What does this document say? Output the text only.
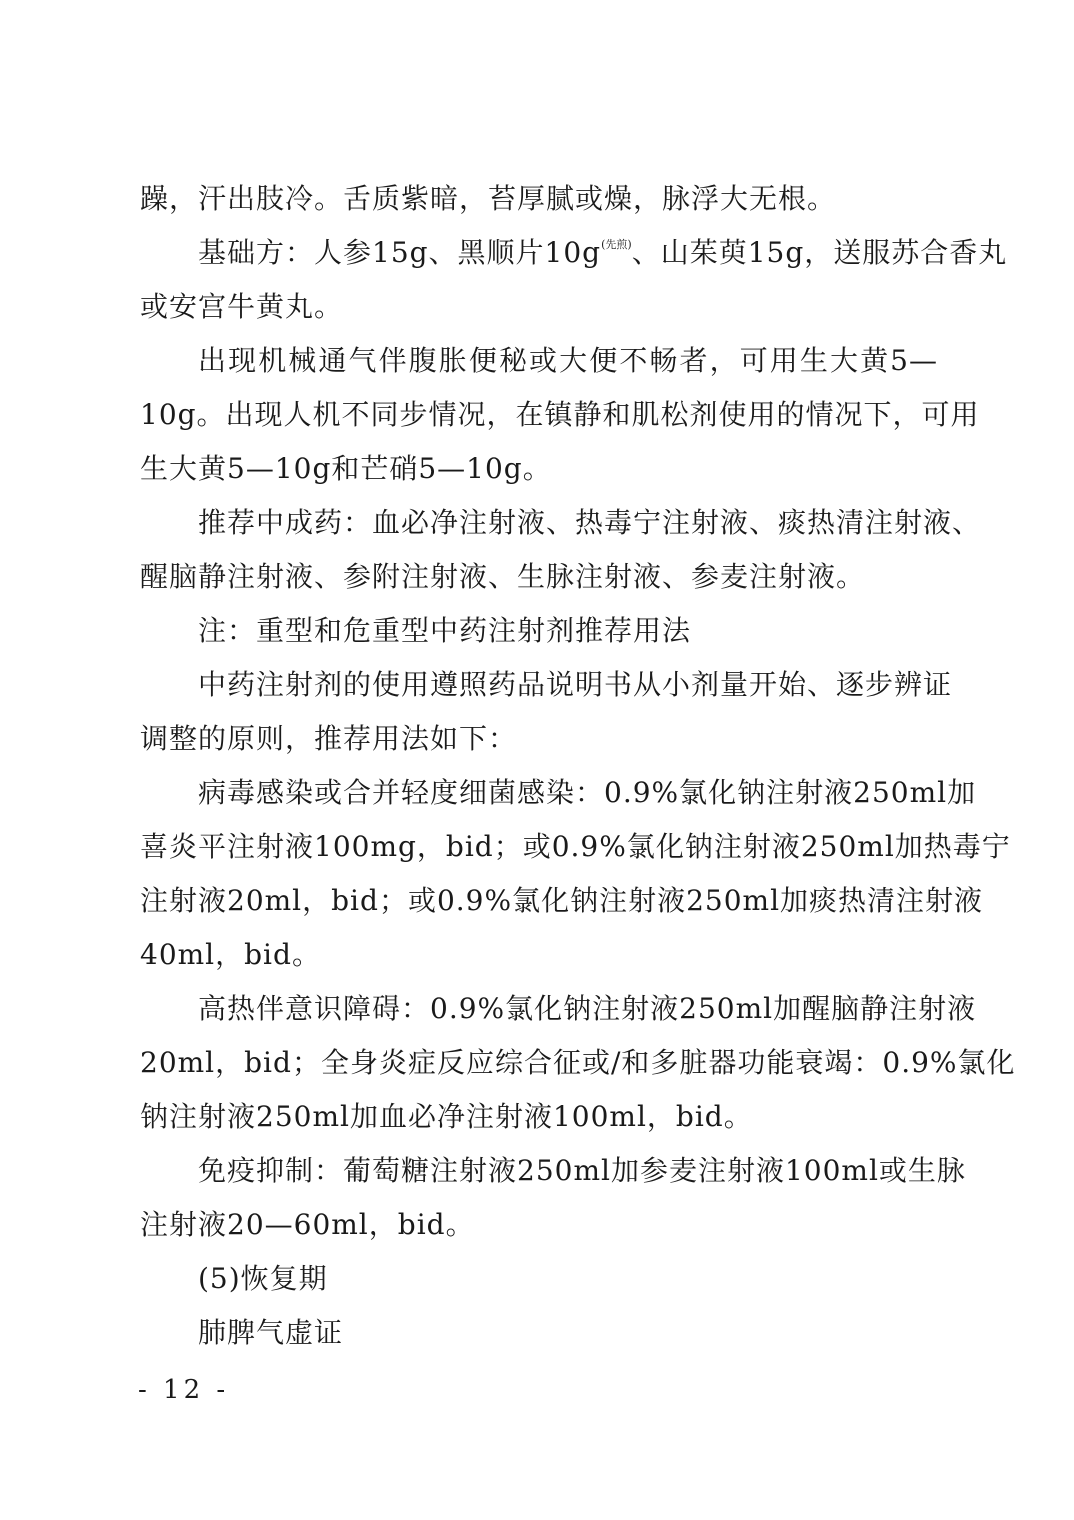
躁，汗出肢冷。舌质紫暗，苔厚腻或燥，脉浮大无根。
基础方：人参15g、黑顺片10g$^{(先煎)}$、山茱萸15g，送服苏合香丸
或安宫牛黄丸。
出现机械通气伴腹胀便秘或大便不畅者，可用生大黄5—
10g。出现人机不同步情况，在镇静和肌松剂使用的情况下，可用
生大黄5—10g和芒硝5—10g。
推荐中成药：血必净注射液、热毒宁注射液、痰热清注射液、
醒脑静注射液、参附注射液、生脉注射液、参麦注射液。
注：重型和危重型中药注射剂推荐用法
中药注射剂的使用遵照药品说明书从小剂量开始、逐步辨证
调整的原则，推荐用法如下：
病毒感染或合并轻度细菌感染：0.9%氯化钠注射液250ml加
喜炎平注射液100mg，bid；或0.9%氯化钠注射液250ml加热毒宁
注射液20ml，bid；或0.9%氯化钠注射液250ml加痰热清注射液
40ml，bid。
高热伴意识障碍：0.9%氯化钠注射液250ml加醒脑静注射液
20ml，bid；全身炎症反应综合征或/和多脏器功能衰竭：0.9%氯化
钠注射液250ml加血必净注射液100ml，bid。
免疫抑制：葡萄糖注射液250ml加参麦注射液100ml或生脉
注射液20—60ml，bid。
(5)恢复期
肺脾气虚证
- 12 -
